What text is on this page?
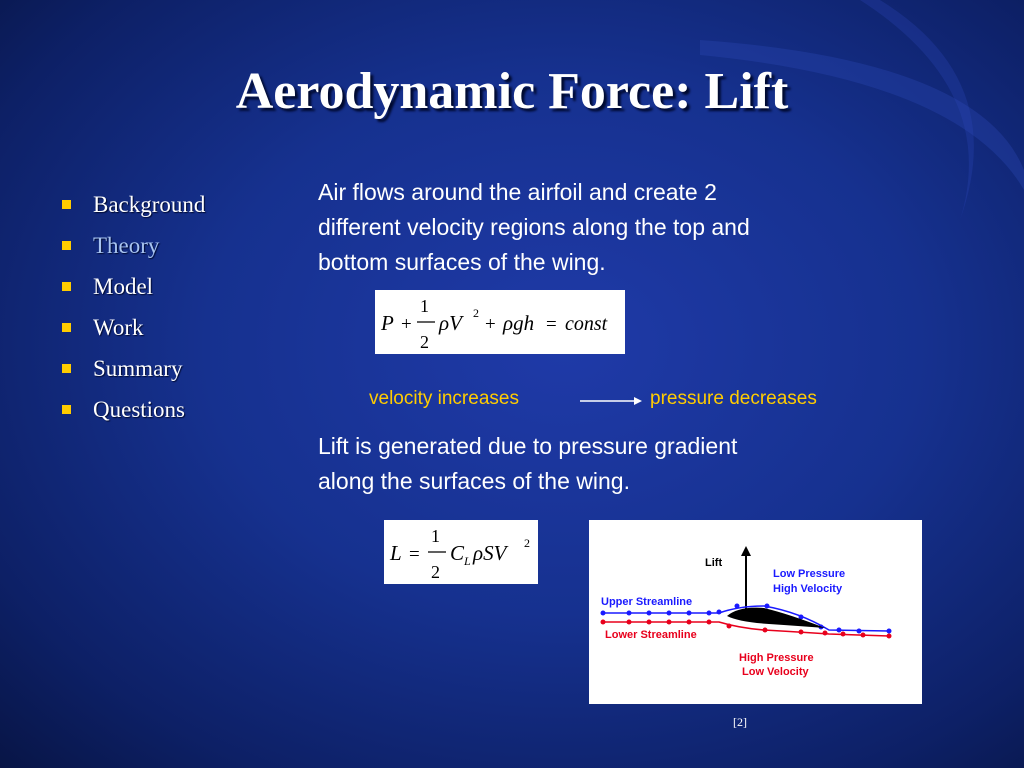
Aerodynamic Force: Lift
Background
Theory
Model
Work
Summary
Questions
Air flows around the airfoil and create 2
different velocity regions along the top and
bottom surfaces of the wing.
P +
1
2
ρV 2
+ ρgh = const
velocity increases	pressure decreases
Lift is generated due to pressure gradient
along the surfaces of the wing.
L =
1
2
C L ρSV 2
Lift
Low Pressure
High Velocity
Upper Streamline
Lower Streamline
High Pressure
Low Velocity
[2]
